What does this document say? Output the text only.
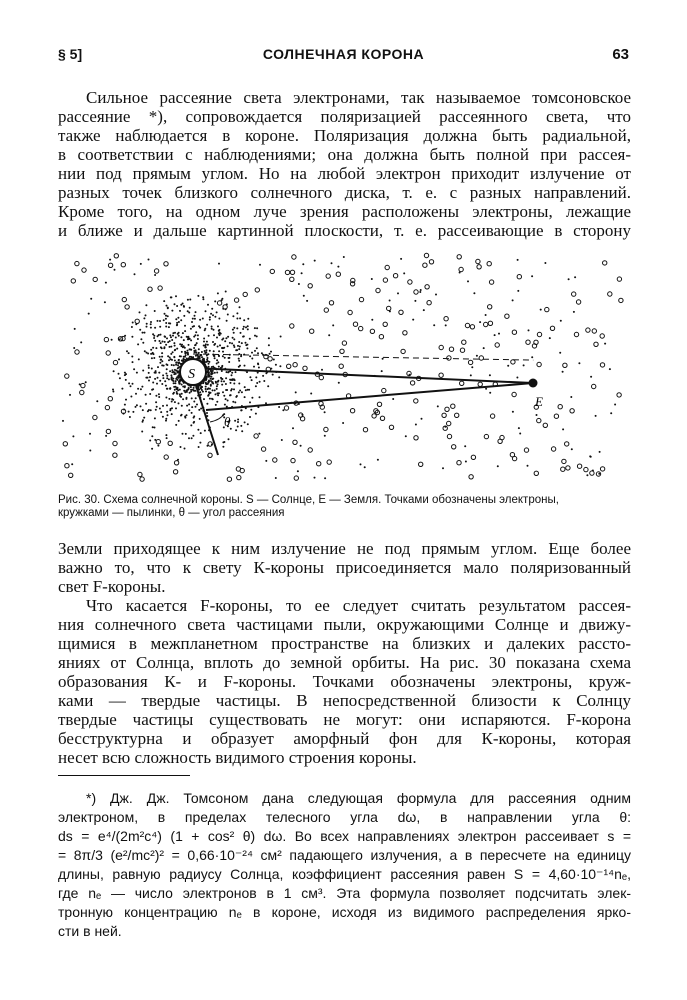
§ 5]	СОЛНЕЧНАЯ КОРОНА	63
Сильное рассеяние света электронами, так называемое томсоновское
рассеяние *), сопровождается поляризацией рассеянного света, что
также наблюдается в короне. Поляризация должна быть радиальной,
в соответствии с наблюдениями; она должна быть полной при рассея-
нии под прямым углом. Но на любой электрон приходит излучение от
разных точек близкого солнечного диска, т. е. с разных направлений.
Кроме того, на одном луче зрения расположены электроны, лежащие
и ближе и дальше картинной плоскости, т. е. рассеивающие в сторону
S
E
θ
Рис. 30. Схема солнечной короны. S — Солнце, E — Земля. Точками обозначены электроны,
кружками — пылинки, θ — угол рассеяния
Земли приходящее к ним излучение не под прямым углом. Еще более
важно то, что к свету К-короны присоединяется мало поляризованный
свет F-короны.
Что касается F-короны, то ее следует считать результатом рассея-
ния солнечного света частицами пыли, окружающими Солнце и движу-
щимися в межпланетном пространстве на близких и далеких рассто-
яниях от Солнца, вплоть до земной орбиты. На рис. 30 показана схема
образования К- и F-короны. Точками обозначены электроны, круж-
ками — твердые частицы. В непосредственной близости к Солнцу
твердые частицы существовать не могут: они испаряются. F-корона
бесструктурна и образует аморфный фон для К-короны, которая
несет всю сложность видимого строения короны.
*) Дж. Дж. Томсоном дана следующая формула для рассеяния одним
электроном, в пределах телесного угла dω, в направлении угла θ:
ds = e⁴/(2m²c⁴) (1 + cos² θ) dω. Во всех направлениях электрон рассеивает s =
= 8π/3 (e²/mc²)² = 0,66·10⁻²⁴ см² падающего излучения, а в пересчете на единицу
длины, равную радиусу Солнца, коэффициент рассеяния равен S = 4,60·10⁻¹⁴nₑ,
где nₑ — число электронов в 1 см³. Эта формула позволяет подсчитать элек-
тронную концентрацию nₑ в короне, исходя из видимого распределения ярко-
сти в ней.
